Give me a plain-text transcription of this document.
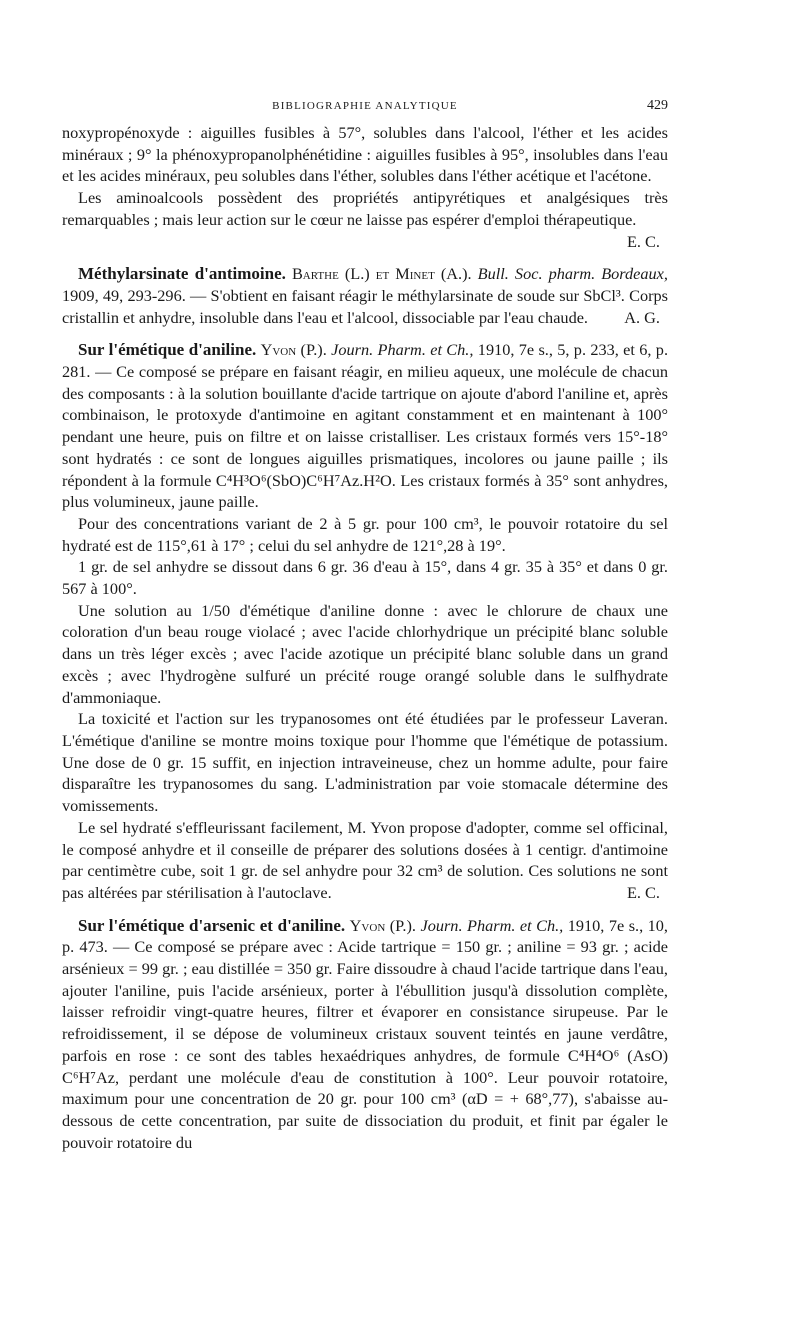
BIBLIOGRAPHIE ANALYTIQUE	429

noxypropénoxyde : aiguilles fusibles à 57°, solubles dans l'alcool, l'éther et les acides minéraux ; 9° la phénoxypropanolphénétidine : aiguilles fusibles à 95°, insolubles dans l'eau et les acides minéraux, peu solubles dans l'éther, solubles dans l'éther acétique et l'acétone.

Les aminoalcools possèdent des propriétés antipyrétiques et analgésiques très remarquables ; mais leur action sur le cœur ne laisse pas espérer d'emploi thérapeutique.
E. C.

Méthylarsinate d'antimoine. Barthe (L.) et Minet (A.). Bull. Soc. pharm. Bordeaux, 1909, 49, 293-296. — S'obtient en faisant réagir le méthylarsinate de soude sur SbCl³. Corps cristallin et anhydre, insoluble dans l'eau et l'alcool, dissociable par l'eau chaude.	A. G.

Sur l'émétique d'aniline. Yvon (P.). Journ. Pharm. et Ch., 1910, 7e s., 5, p. 233, et 6, p. 281. — Ce composé se prépare en faisant réagir, en milieu aqueux, une molécule de chacun des composants : à la solution bouillante d'acide tartrique on ajoute d'abord l'aniline et, après combinaison, le protoxyde d'antimoine en agitant constamment et en maintenant à 100° pendant une heure, puis on filtre et on laisse cristalliser. Les cristaux formés vers 15°-18° sont hydratés : ce sont de longues aiguilles prismatiques, incolores ou jaune paille ; ils répondent à la formule C⁴H³O⁶(SbO)C⁶H⁷Az.H²O. Les cristaux formés à 35° sont anhydres, plus volumineux, jaune paille.

Pour des concentrations variant de 2 à 5 gr. pour 100 cm³, le pouvoir rotatoire du sel hydraté est de 115°,61 à 17° ; celui du sel anhydre de 121°,28 à 19°.

1 gr. de sel anhydre se dissout dans 6 gr. 36 d'eau à 15°, dans 4 gr. 35 à 35° et dans 0 gr. 567 à 100°.

Une solution au 1/50 d'émétique d'aniline donne : avec le chlorure de chaux une coloration d'un beau rouge violacé ; avec l'acide chlorhydrique un précipité blanc soluble dans un très léger excès ; avec l'acide azotique un précipité blanc soluble dans un grand excès ; avec l'hydrogène sulfuré un précité rouge orangé soluble dans le sulfhydrate d'ammoniaque.

La toxicité et l'action sur les trypanosomes ont été étudiées par le professeur Laveran. L'émétique d'aniline se montre moins toxique pour l'homme que l'émétique de potassium. Une dose de 0 gr. 15 suffit, en injection intraveineuse, chez un homme adulte, pour faire disparaître les trypanosomes du sang. L'administration par voie stomacale détermine des vomissements.

Le sel hydraté s'effleurissant facilement, M. Yvon propose d'adopter, comme sel officinal, le composé anhydre et il conseille de préparer des solutions dosées à 1 centigr. d'antimoine par centimètre cube, soit 1 gr. de sel anhydre pour 32 cm³ de solution. Ces solutions ne sont pas altérées par stérilisation à l'autoclave.	E. C.

Sur l'émétique d'arsenic et d'aniline. Yvon (P.). Journ. Pharm. et Ch., 1910, 7e s., 10, p. 473. — Ce composé se prépare avec : Acide tartrique = 150 gr. ; aniline = 93 gr. ; acide arsénieux = 99 gr. ; eau distillée = 350 gr. Faire dissoudre à chaud l'acide tartrique dans l'eau, ajouter l'aniline, puis l'acide arsénieux, porter à l'ébullition jusqu'à dissolution complète, laisser refroidir vingt-quatre heures, filtrer et évaporer en consistance sirupeuse. Par le refroidissement, il se dépose de volumineux cristaux souvent teintés en jaune verdâtre, parfois en rose : ce sont des tables hexaédriques anhydres, de formule C⁴H⁴O⁶ (AsO) C⁶H⁷Az, perdant une molécule d'eau de constitution à 100°. Leur pouvoir rotatoire, maximum pour une concentration de 20 gr. pour 100 cm³ (αD = + 68°,77), s'abaisse au-dessous de cette concentration, par suite de dissociation du produit, et finit par égaler le pouvoir rotatoire du
